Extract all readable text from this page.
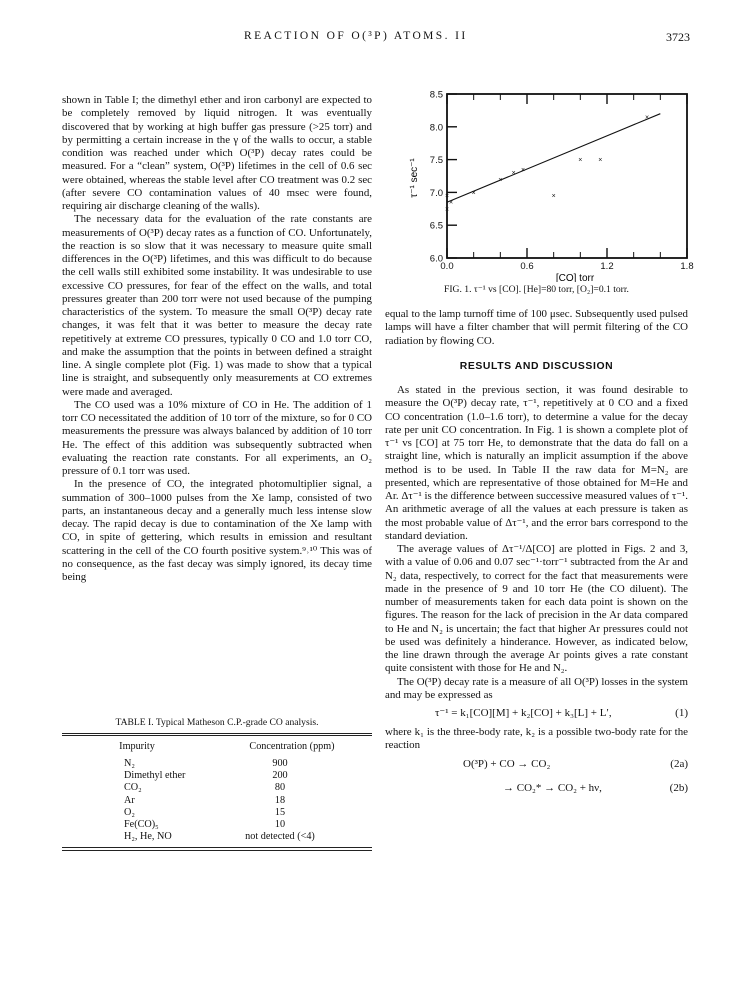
REACTION OF O(³P) ATOMS. II	3723

shown in Table I; the dimethyl ether and iron carbonyl are expected to be completely removed by liquid nitrogen. It was eventually discovered that by working at high buffer gas pressure (>25 torr) and by permitting a certain increase in the γ of the walls to occur, a stable condition was reached under which O(³P) decay rates could be measured. For a “clean” system, O(³P) lifetimes in the cell of 0.6 sec were obtained, whereas the stable level after CO treatment was 0.2 sec (after severe CO contamination values of 40 msec were found, requiring air discharge cleaning of the walls).

The necessary data for the evaluation of the rate constants are measurements of O(³P) decay rates as a function of CO. Unfortunately, the reaction is so slow that it was necessary to measure quite small differences in the O(³P) lifetimes, and this was difficult to do because the cell walls still exhibited some instability. It was undesirable to use excessive CO pressures, for fear of the effect on the walls, and total pressures greater than 200 torr were not used because of the pumping characteristics of the system. To measure the small O(³P) decay rate changes, it was felt that it was better to measure the decay rate repetitively at extreme CO pressures, typically 0 CO and 1.0 torr CO, and make the assumption that the points in between defined a straight line. A single complete plot (Fig. 1) was made to show that a typical line is straight, and subsequently only measurements at CO extremes were made and averaged.

The CO used was a 10% mixture of CO in He. The addition of 1 torr CO necessitated the addition of 10 torr of the mixture, so for 0 CO measurements the pressure was always balanced by addition of 10 torr He. The effect of this addition was subsequently subtracted when evaluating the reaction rate constants. For all experiments, an O₂ pressure of 0.1 torr was used.

In the presence of CO, the integrated photomultiplier signal, a summation of 300–1000 pulses from the Xe lamp, consisted of two parts, an instantaneous decay and a generally much less intense slow decay. The rapid decay is due to contamination of the Xe lamp with CO, in spite of gettering, which results in emission and resultant scattering in the cell of the CO fourth positive system.⁹˒¹⁰ This was of no consequence, as the fast decay was simply ignored, its decay time being

TABLE I. Typical Matheson C.P.-grade CO analysis.
Impurity	Concentration (ppm)
N₂	900
Dimethyl ether	200
CO₂	80
Ar	18
O₂	15
Fe(CO)₅	10
H₂, He, NO	not detected (<4)
0.0	0.6	1.2	1.8
6.0
6.5
7.0
7.5
8.0
8.5
×
×
×
×
×
× ×
×
× ×
×
[CO] torr
τ⁻¹ sec⁻¹
FIG. 1. τ⁻¹ vs [CO]. [He]=80 torr, [O₂]=0.1 torr.

equal to the lamp turnoff time of 100 μsec. Subsequently used pulsed lamps will have a filter chamber that will permit filtering of the CO radiation by flowing CO.

RESULTS AND DISCUSSION

As stated in the previous section, it was found desirable to measure the O(³P) decay rate, τ⁻¹, repetitively at 0 CO and a fixed CO concentration (1.0–1.6 torr), to determine a value for the decay rate per unit CO concentration. In Fig. 1 is shown a complete plot of τ⁻¹ vs [CO] at 75 torr He, to demonstrate that the data do fall on a straight line, which is naturally an implicit assumption if the above method is to be used. In Table II the raw data for M=N₂ are presented, which are representative of those obtained for M=He and Ar. Δτ⁻¹ is the difference between successive measured values of τ⁻¹. An arithmetic average of all the values at each pressure is taken as the most probable value of Δτ⁻¹, and the error bars correspond to the standard deviation.

The average values of Δτ⁻¹/Δ[CO] are plotted in Figs. 2 and 3, with a value of 0.06 and 0.07 sec⁻¹·torr⁻¹ subtracted from the Ar and N₂ data, respectively, to correct for the fact that measurements were made in the presence of 9 and 10 torr He (the CO diluent). The number of measurements taken for each data point is shown on the figures. The reason for the lack of precision in the Ar data compared to He and N₂ is uncertain; the fact that higher Ar pressures could not be used was definitely a hinderance. However, as indicated below, the line drawn through the average Ar points gives a rate constant quite consistent with those for He and N₂.

The O(³P) decay rate is a measure of all O(³P) losses in the system and may be expressed as

τ⁻¹ = k₁[CO][M] + k₂[CO] + k₃[L] + L′,	(1)

where k₁ is the three-body rate, k₂ is a possible two-body rate for the reaction

O(³P) + CO → CO₂	(2a)
→ CO₂* → CO₂ + hν,	(2b)
